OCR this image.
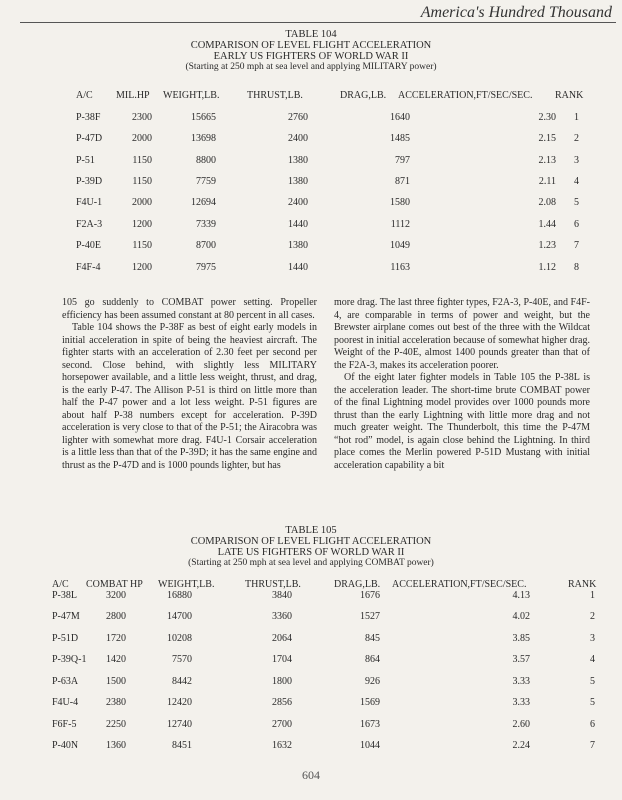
America's Hundred Thousand
TABLE 104
COMPARISON OF LEVEL FLIGHT ACCELERATION
EARLY US FIGHTERS OF WORLD WAR II
(Starting at 250 mph at sea level and applying MILITARY power)
A/C	MIL.HP	WEIGHT,LB.	THRUST,LB.	DRAG,LB.	ACCELERATION,FT/SEC/SEC.	RANK
P-38F	2300	15665	2760	1640	2.30 1
P-47D	2000	13698	2400	1485	2.15 2
P-51	1150	8800	1380	797	2.13 3
P-39D	1150	7759	1380	871	2.11 4
F4U-1	2000	12694	2400	1580	2.08 5
F2A-3	1200	7339	1440	1112	1.44 6
P-40E	1150	8700	1380	1049	1.23 7
F4F-4	1200	7975	1440	1163	1.12 8

105 go suddenly to COMBAT power setting. Propeller efficiency has been assumed constant at 80 percent in all cases.

Table 104 shows the P-38F as best of eight early models in initial acceleration in spite of being the heaviest aircraft. The fighter starts with an acceleration of 2.30 feet per second per second. Close behind, with slightly less MILITARY horsepower available, and a little less weight, thrust, and drag, is the early P-47. The Allison P-51 is third on little more than half the P-47 power and a lot less weight. P-51 figures are about half P-38 numbers except for acceleration. P-39D acceleration is very close to that of the P-51; the Airacobra was lighter with somewhat more drag. F4U-1 Corsair acceleration is a little less than that of the P-39D; it has the same engine and thrust as the P-47D and is 1000 pounds lighter, but has

more drag. The last three fighter types, F2A-3, P-40E, and F4F-4, are comparable in terms of power and weight, but the Brewster airplane comes out best of the three with the Wildcat poorest in initial acceleration because of somewhat higher drag. Weight of the P-40E, almost 1400 pounds greater than that of the F2A-3, makes its acceleration poorer.

Of the eight later fighter models in Table 105 the P-38L is the acceleration leader. The short-time brute COMBAT power of the final Lightning model provides over 1000 pounds more thrust than the early Lightning with little more drag and not much greater weight. The Thunderbolt, this time the P-47M “hot rod” model, is again close behind the Lightning. In third place comes the Merlin powered P-51D Mustang with initial acceleration capability a bit

TABLE 105
COMPARISON OF LEVEL FLIGHT ACCELERATION
LATE US FIGHTERS OF WORLD WAR II
(Starting at 250 mph at sea level and applying COMBAT power)
A/C	COMBAT HP	WEIGHT,LB.	THRUST,LB.	DRAG,LB.	ACCELERATION,FT/SEC/SEC.	RANK
P-38L	3200	16880	3840	1676	4.13	1
P-47M	2800	14700	3360	1527	4.02	2
P-51D	1720	10208	2064	845	3.85	3
P-39Q-1	1420	7570	1704	864	3.57	4
P-63A	1500	8442	1800	926	3.33	5
F4U-4	2380	12420	2856	1569	3.33	5
F6F-5	2250	12740	2700	1673	2.60	6
P-40N	1360	8451	1632	1044	2.24	7
604
